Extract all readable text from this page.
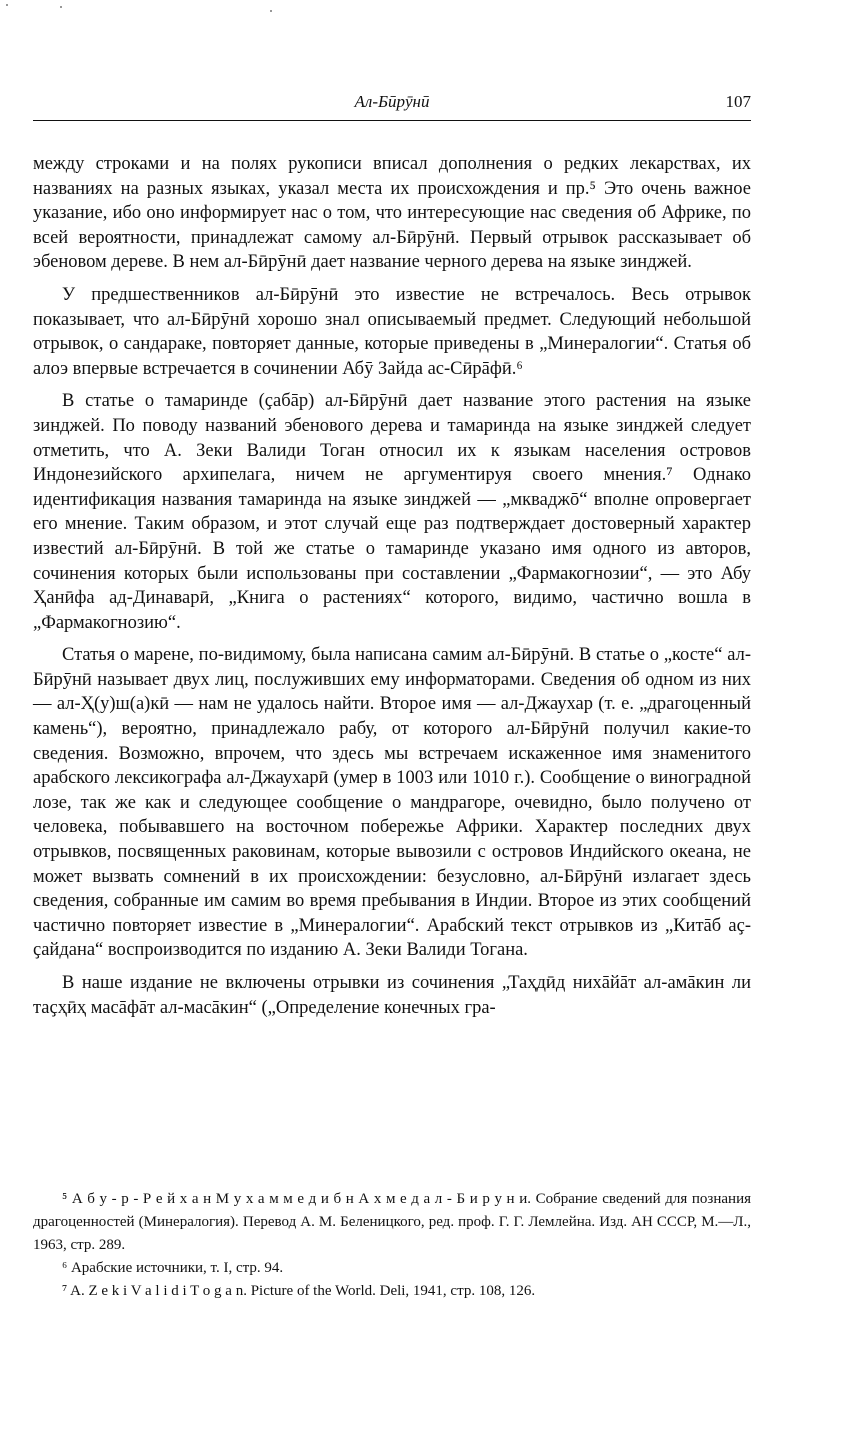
Ал-Бӣрӯнӣ	107

между строками и на полях рукописи вписал дополнения о редких лекарствах, их названиях на разных языках, указал места их происхождения и пр.⁵ Это очень важное указание, ибо оно информирует нас о том, что интересующие нас сведения об Африке, по всей вероятности, принадлежат самому ал-Бӣрӯнӣ. Первый отрывок рассказывает об эбеновом дереве. В нем ал-Бӣрӯнӣ дает название черного дерева на языке зинджей.

У предшественников ал-Бӣрӯнӣ это известие не встречалось. Весь отрывок показывает, что ал-Бӣрӯнӣ хорошо знал описываемый предмет. Следующий небольшой отрывок, о сандараке, повторяет данные, которые приведены в „Минералогии“. Статья об алоэ впервые встречается в сочинении Абӯ Зайда ас-Сӣрāфӣ.⁶

В статье о тамаринде (ҫабāр) ал-Бӣрӯнӣ дает название этого растения на языке зинджей. По поводу названий эбенового дерева и тамаринда на языке зинджей следует отметить, что А. Зеки Валиди Тоган относил их к языкам населения островов Индонезийского архипелага, ничем не аргументируя своего мнения.⁷ Однако идентификация названия тамаринда на языке зинджей — „мкваджō“ вполне опровергает его мнение. Таким образом, и этот случай еще раз подтверждает достоверный характер известий ал-Бӣрӯнӣ. В той же статье о тамаринде указано имя одного из авторов, сочинения которых были использованы при составлении „Фармакогнозии“, — это Абу Ҳанӣфа ад-Динаварӣ, „Книга о растениях“ которого, видимо, частично вошла в „Фармакогнозию“.

Статья о марене, по-видимому, была написана самим ал-Бӣрӯнӣ. В статье о „костe“ ал-Бӣрӯнӣ называет двух лиц, послуживших ему информаторами. Сведения об одном из них — ал-Ҳ(у)ш(а)кӣ — нам не удалось найти. Второе имя — ал-Джаухар (т. е. „драгоценный камень“), вероятно, принадлежало рабу, от которого ал-Бӣрӯнӣ получил какие-то сведения. Возможно, впрочем, что здесь мы встречаем искаженное имя знаменитого арабского лексикографа ал-Джаухарӣ (умер в 1003 или 1010 г.). Сообщение о виноградной лозе, так же как и следующее сообщение о мандрагоре, очевидно, было получено от человека, побывавшего на восточном побережье Африки. Характер последних двух отрывков, посвященных раковинам, которые вывозили с островов Индийского океана, не может вызвать сомнений в их происхождении: безусловно, ал-Бӣрӯнӣ излагает здесь сведения, собранные им самим во время пребывания в Индии. Второе из этих сообщений частично повторяет известие в „Минералогии“. Арабский текст отрывков из „Китāб аҫ-ҫайдана“ воспроизводится по изданию А. Зеки Валиди Тогана.

В наше издание не включены отрывки из сочинения „Таҳдӣд нихāйāт ал-амāкин ли таҫҳӣҳ масāфāт ал-масāкин“ („Определение конечных гра-

⁵ А б у - р - Р е й х а н М у х а м м е д и б н А х м е д а л - Б и р у н и. Собрание сведений для познания драгоценностей (Минералогия). Перевод А. М. Беленицкого, ред. проф. Г. Г. Лемлейна. Изд. АН СССР, М.—Л., 1963, стр. 289.

⁶ Арабские источники, т. I, стр. 94.

⁷ A. Z e k i V a l i d i T o g a n. Picture of the World. Deli, 1941, стр. 108, 126.
